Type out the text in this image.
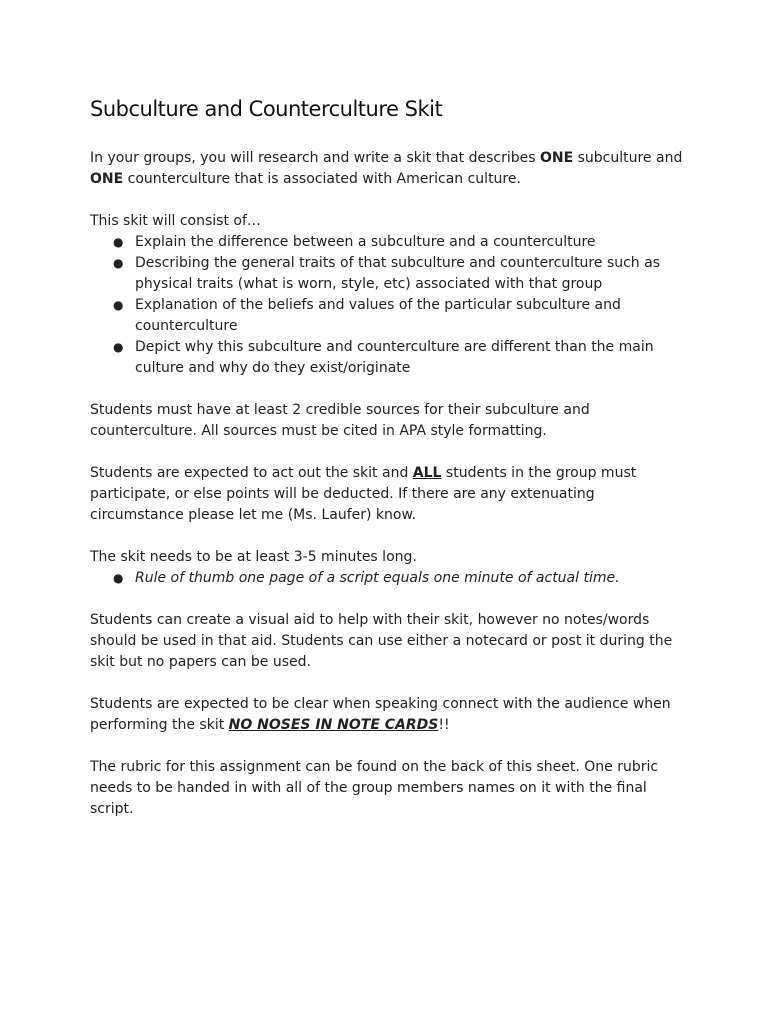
Subculture and Counterculture Skit

In your groups, you will research and write a skit that describes ONE subculture and ONE counterculture that is associated with American culture.

This skit will consist of…

● Explain the difference between a subculture and a counterculture
● Describing the general traits of that subculture and counterculture such as physical traits (what is worn, style, etc) associated with that group
● Explanation of the beliefs and values of the particular subculture and counterculture
● Depict why this subculture and counterculture are different than the main culture and why do they exist/originate

Students must have at least 2 credible sources for their subculture and counterculture. All sources must be cited in APA style formatting.

Students are expected to act out the skit and ALL students in the group must participate, or else points will be deducted. If there are any extenuating circumstance please let me (Ms. Laufer) know.

The skit needs to be at least 3-5 minutes long.

● Rule of thumb one page of a script equals one minute of actual time.

Students can create a visual aid to help with their skit, however no notes/words should be used in that aid. Students can use either a notecard or post it during the skit but no papers can be used.

Students are expected to be clear when speaking connect with the audience when performing the skit NO NOSES IN NOTE CARDS!!

The rubric for this assignment can be found on the back of this sheet. One rubric needs to be handed in with all of the group members names on it with the final script.
